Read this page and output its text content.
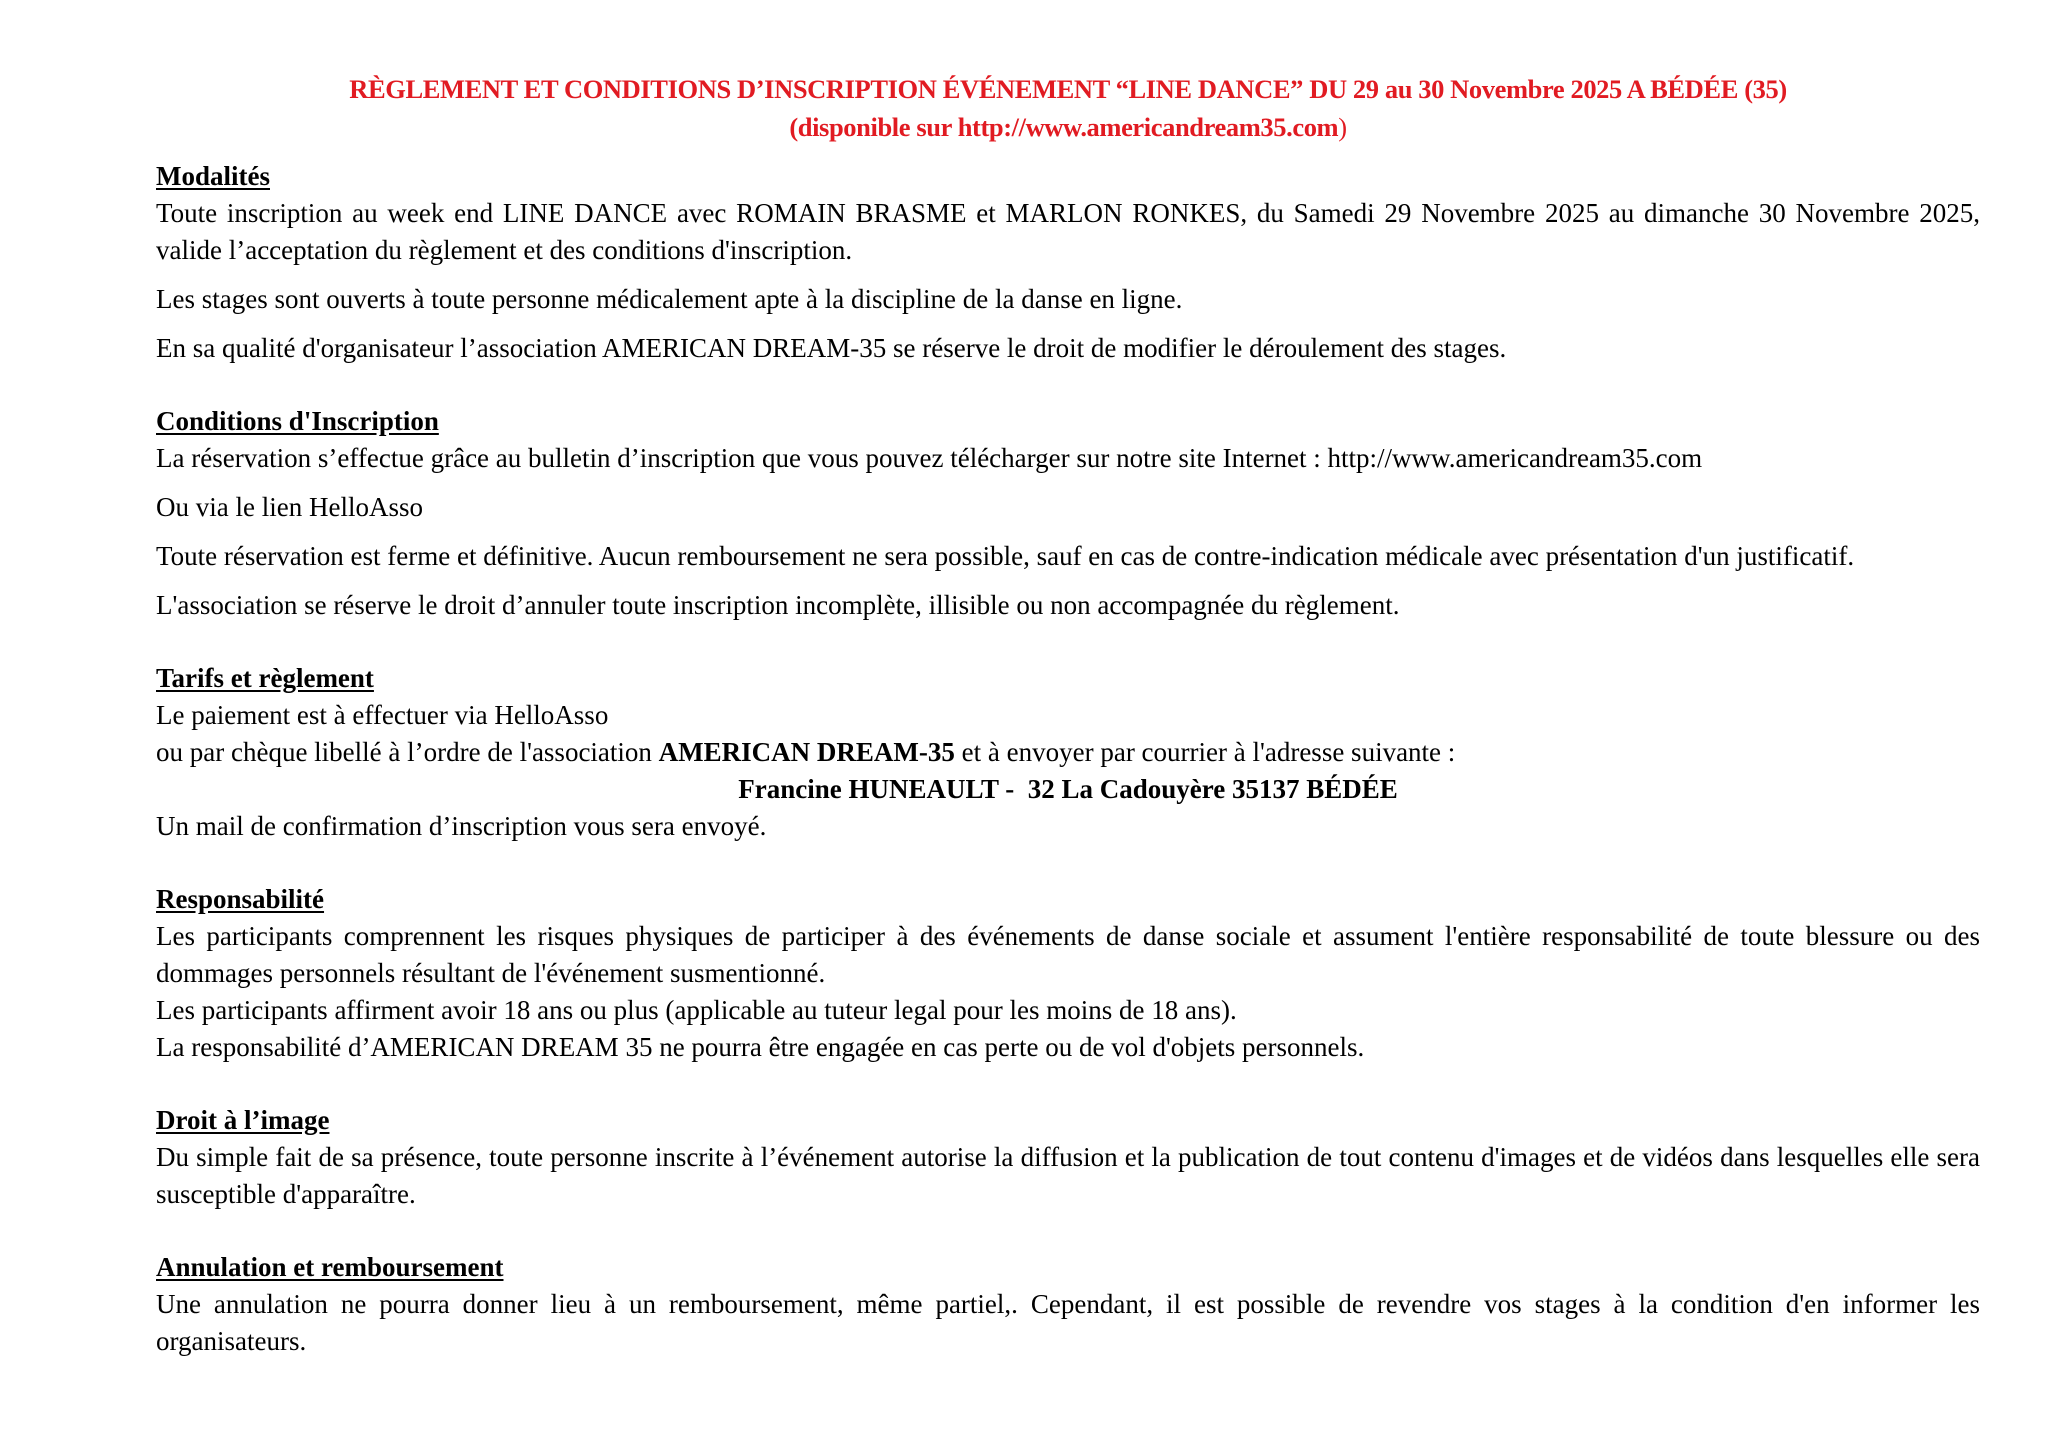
RÈGLEMENT ET CONDITIONS D’INSCRIPTION ÉVÉNEMENT “LINE DANCE” DU 29 au 30 Novembre 2025 A BÉDÉE (35)
(disponible sur http://www.americandream35.com)
Modalités

Toute inscription au week end LINE DANCE avec ROMAIN BRASME et MARLON RONKES, du Samedi 29 Novembre 2025 au dimanche 30 Novembre 2025, valide l’acceptation du règlement et des conditions d'inscription.

Les stages sont ouverts à toute personne médicalement apte à la discipline de la danse en ligne.

En sa qualité d'organisateur l’association AMERICAN DREAM-35 se réserve le droit de modifier le déroulement des stages.

Conditions d'Inscription

La réservation s’effectue grâce au bulletin d’inscription que vous pouvez télécharger sur notre site Internet : http://www.americandream35.com

Ou via le lien HelloAsso

Toute réservation est ferme et définitive. Aucun remboursement ne sera possible, sauf en cas de contre-indication médicale avec présentation d'un justificatif.

L'association se réserve le droit d’annuler toute inscription incomplète, illisible ou non accompagnée du règlement.

Tarifs et règlement

Le paiement est à effectuer via HelloAsso

ou par chèque libellé à l’ordre de l'association AMERICAN DREAM-35 et à envoyer par courrier à l'adresse suivante :

Francine HUNEAULT -  32 La Cadouyère 35137 BÉDÉE

Un mail de confirmation d’inscription vous sera envoyé.

Responsabilité

Les participants comprennent les risques physiques de participer à des événements de danse sociale et assument l'entière responsabilité de toute blessure ou des dommages personnels résultant de l'événement susmentionné.

Les participants affirment avoir 18 ans ou plus (applicable au tuteur legal pour les moins de 18 ans).

La responsabilité d’AMERICAN DREAM 35 ne pourra être engagée en cas perte ou de vol d'objets personnels.

Droit à l’image

Du simple fait de sa présence, toute personne inscrite à l’événement autorise la diffusion et la publication de tout contenu d'images et de vidéos dans lesquelles elle sera susceptible d'apparaître.

Annulation et remboursement

Une annulation ne pourra donner lieu à un remboursement, même partiel,. Cependant, il est possible de revendre vos stages à la condition d'en informer les organisateurs.
